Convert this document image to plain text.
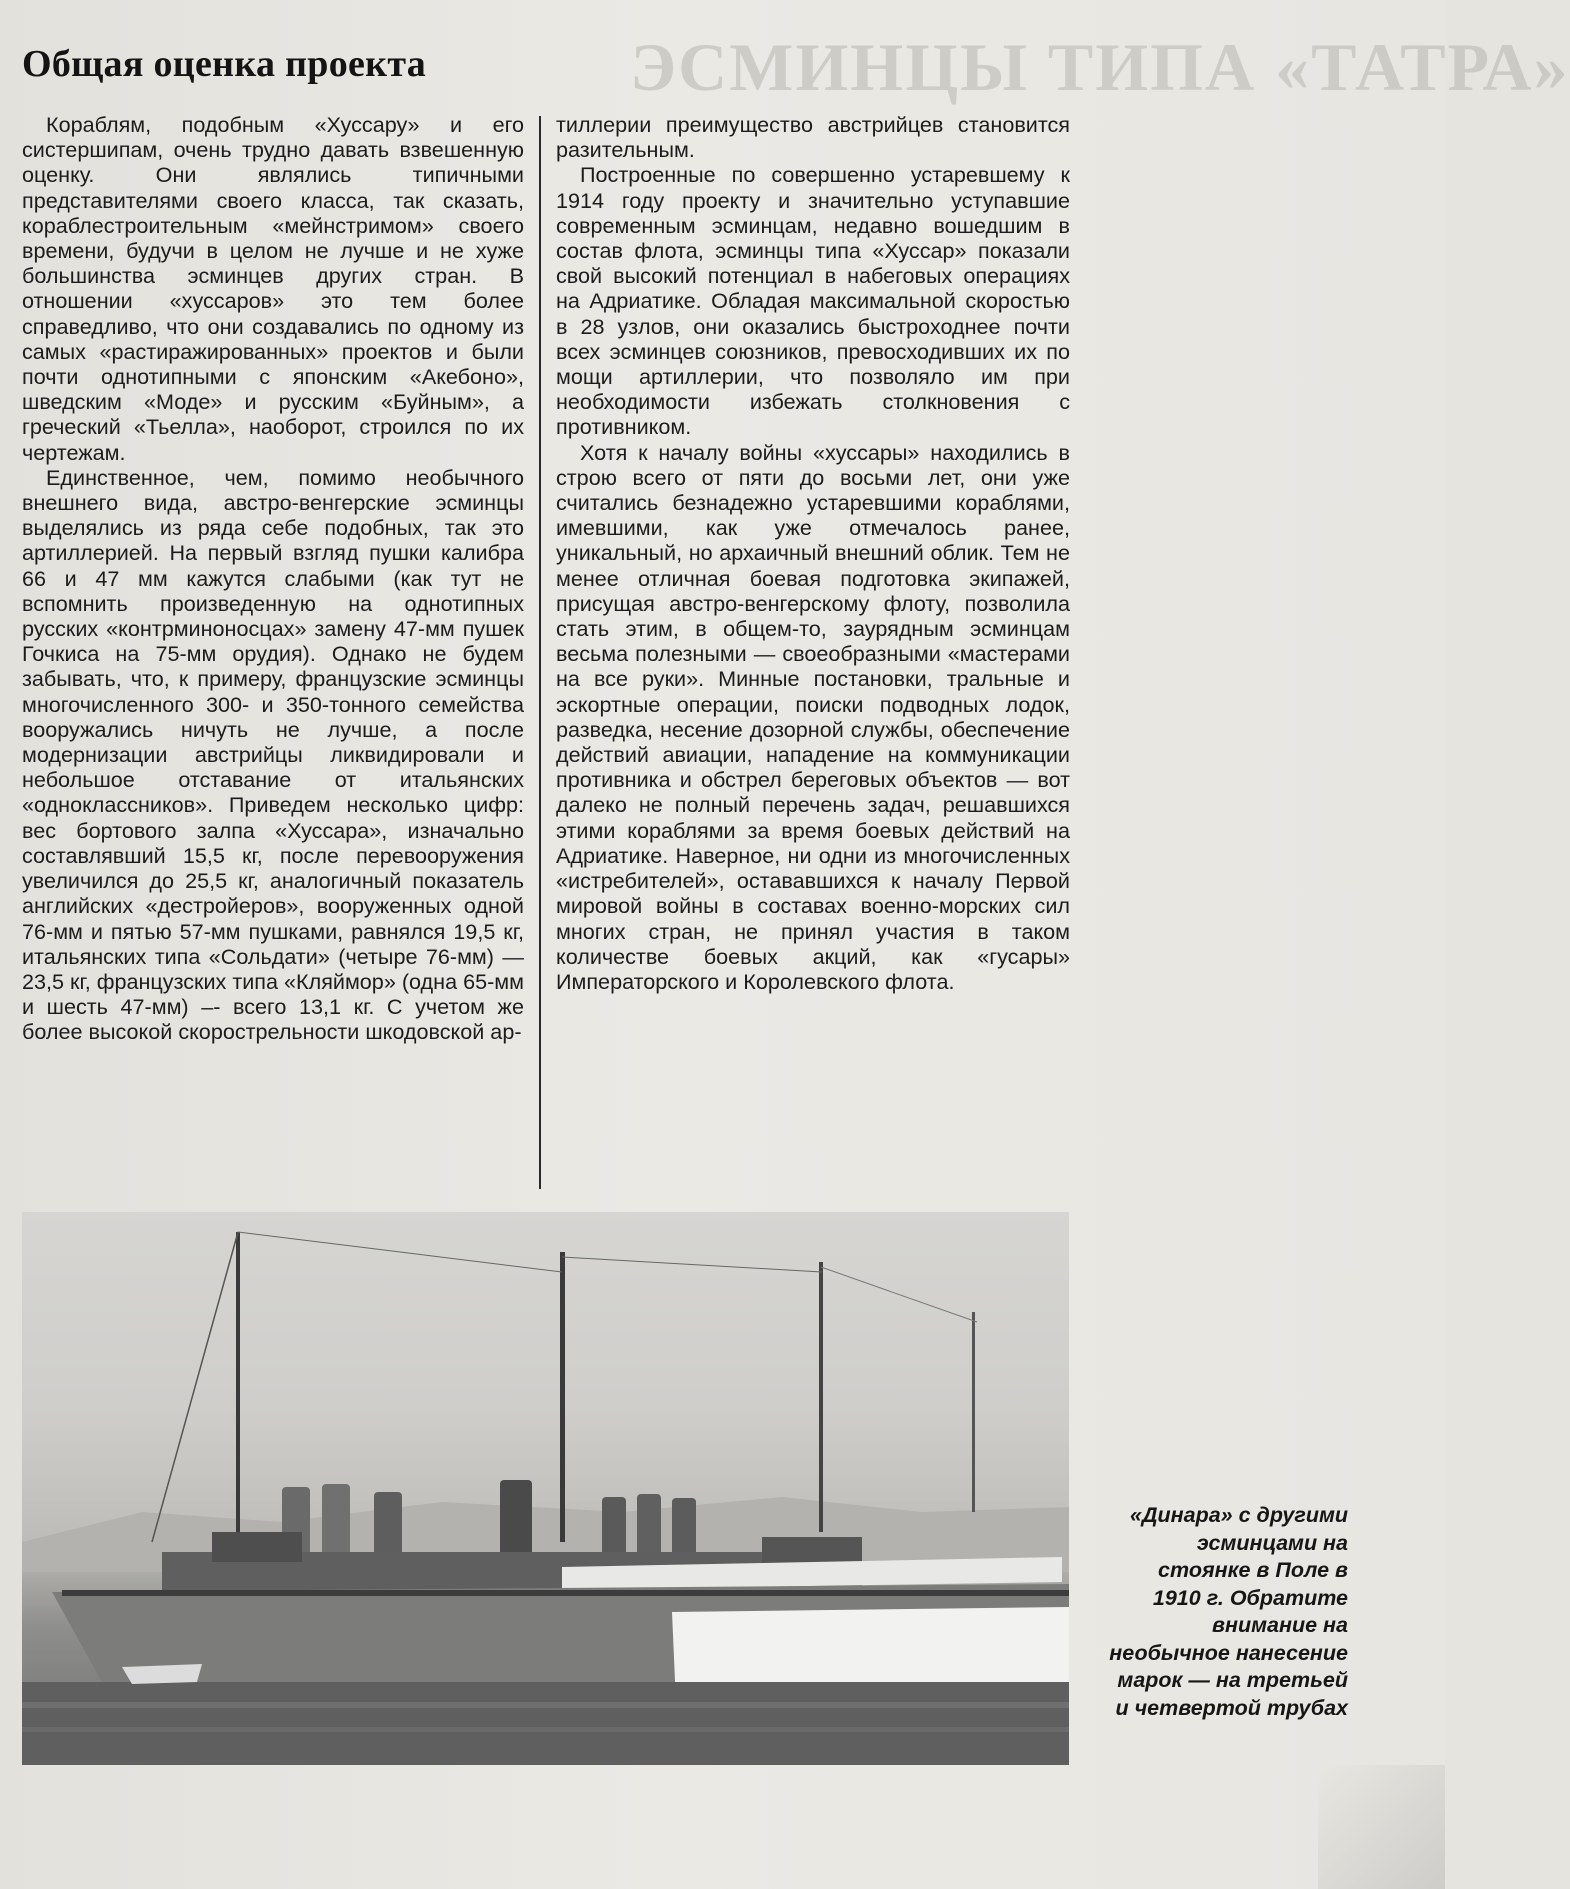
ЭСМИНЦЫ ТИПА «ТАТРА»
Общая оценка проекта

Кораблям, подобным «Хуссару» и его систершипам, очень трудно давать взвешенную оценку. Они являлись типичными представителями своего класса, так сказать, кораблестроительным «мейнстримом» своего времени, будучи в целом не лучше и не хуже большинства эсминцев других стран. В отношении «хуссаров» это тем более справедливо, что они создавались по одному из самых «растиражированных» проектов и были почти однотипными с японским «Акебоно», шведским «Моде» и русским «Буйным», а греческий «Тьелла», наоборот, строился по их чертежам.

Единственное, чем, помимо необычного внешнего вида, австро-венгерские эсминцы выделялись из ряда себе подобных, так это артиллерией. На первый взгляд пушки калибра 66 и 47 мм кажутся слабыми (как тут не вспомнить произведенную на однотипных русских «контрминоносцах» замену 47-мм пушек Гочкиса на 75-мм орудия). Однако не будем забывать, что, к примеру, французские эсминцы многочисленного 300- и 350-тонного семейства вооружались ничуть не лучше, а после модернизации австрийцы ликвидировали и небольшое отставание от итальянских «одноклассников». Приведем несколько цифр: вес бортового залпа «Хуссара», изначально составлявший 15,5 кг, после перевооружения увеличился до 25,5 кг, аналогичный показатель английских «дестройеров», вооруженных одной 76-мм и пятью 57-мм пушками, равнялся 19,5 кг, итальянских типа «Сольдати» (четыре 76-мм) — 23,5 кг, французских типа «Кляймор» (одна 65-мм и шесть 47-мм) –- всего 13,1 кг. С учетом же более высокой скорострельности шкодовской ар-

тиллерии преимущество австрийцев становится разительным.

Построенные по совершенно устаревшему к 1914 году проекту и значительно уступавшие современным эсминцам, недавно вошедшим в состав флота, эсминцы типа «Хуссар» показали свой высокий потенциал в набеговых операциях на Адриатике. Обладая максимальной скоростью в 28 узлов, они оказались быстроходнее почти всех эсминцев союзников, превосходивших их по мощи артиллерии, что позволяло им при необходимости избежать столкновения с противником.

Хотя к началу войны «хуссары» находились в строю всего от пяти до восьми лет, они уже считались безнадежно устаревшими кораблями, имевшими, как уже отмечалось ранее, уникальный, но архаичный внешний облик. Тем не менее отличная боевая подготовка экипажей, присущая австро-венгерскому флоту, позволила стать этим, в общем-то, заурядным эсминцам весьма полезными — своеобразными «мастерами на все руки». Минные постановки, тральные и эскортные операции, поиски подводных лодок, разведка, несение дозорной службы, обеспечение действий авиации, нападение на коммуникации противника и обстрел береговых объектов — вот далеко не полный перечень задач, решавшихся этими кораблями за время боевых действий на Адриатике. Наверное, ни одни из многочисленных «истребителей», остававшихся к началу Первой мировой войны в составах военно-морских сил многих стран, не принял участия в таком количестве боевых акций, как «гусары» Императорского и Королевского флота.

«Динара» с другими эсминцами на стоянке в Поле в 1910 г. Обратите внимание на необычное нанесение марок — на третьей и четвертой трубах
